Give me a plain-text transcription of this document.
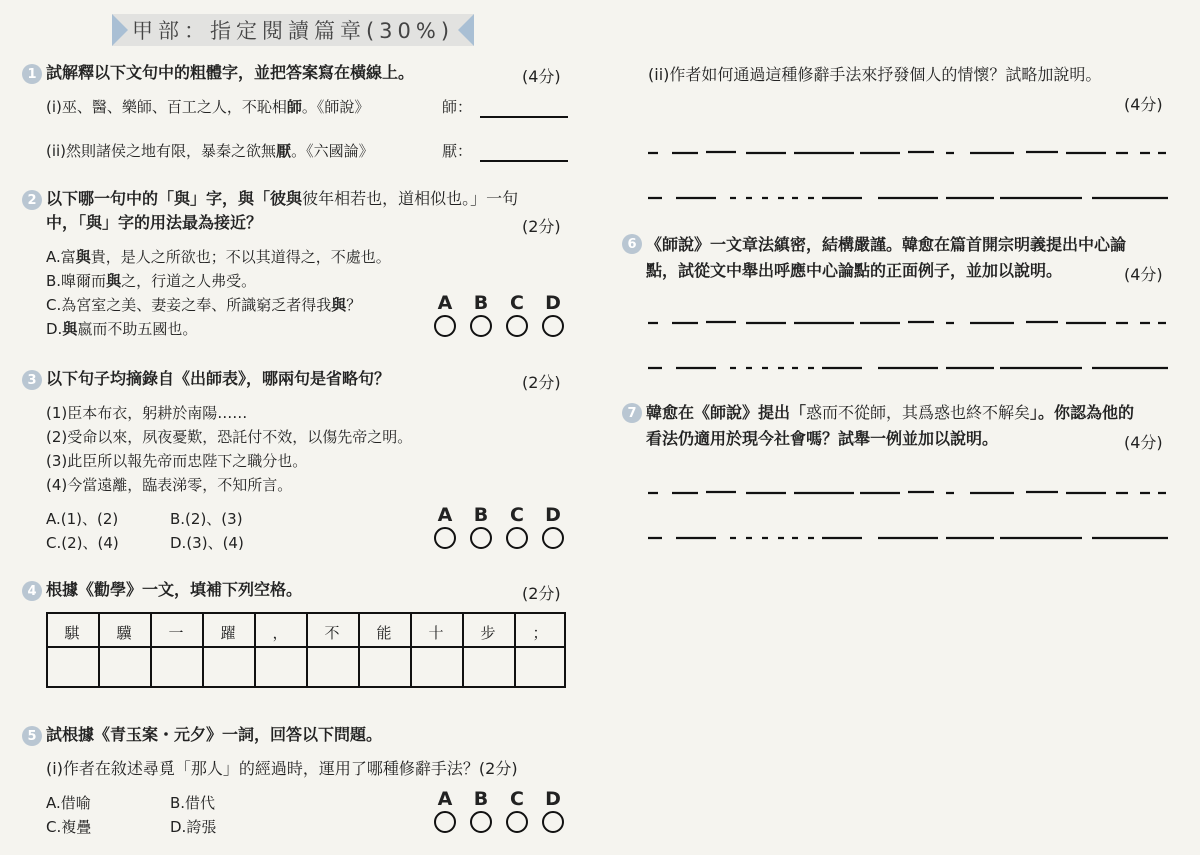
甲部：指定閱讀篇章(30%)
1 試解釋以下文句中的粗體字，並把答案寫在橫線上。	(4分)
(i)巫、醫、樂師、百工之人，不恥相師。《師說》	師：
(ii)然則諸侯之地有限，暴秦之欲無厭。《六國論》	厭：
2 以下哪一句中的「與」字，與「彼與彼年相若也，道相似也。」一句
中，「與」字的用法最為接近？	(2分)
A.富與貴，是人之所欲也；不以其道得之，不處也。
B.嘷爾而與之，行道之人弗受。
C.為宮室之美、妻妾之奉、所識窮乏者得我與？
D.與嬴而不助五國也。
A B C D
3 以下句子均摘錄自《出師表》，哪兩句是省略句？	(2分)
(1)臣本布衣，躬耕於南陽……
(2)受命以來，夙夜憂歎，恐託付不效，以傷先帝之明。
(3)此臣所以報先帝而忠陛下之職分也。
(4)今當遠離，臨表涕零，不知所言。
A.(1)、(2)	B.(2)、(3)
C.(2)、(4)	D.(3)、(4)
A B C D
4 根據《勸學》一文，填補下列空格。	(2分)
騏	驥	一	躍	，	不	能	十	步	；
5 試根據《青玉案・元夕》一詞，回答以下問題。
(i)作者在敘述尋覓「那人」的經過時，運用了哪種修辭手法？(2分)
A.借喻	B.借代
C.複疊	D.誇張
A B C D
(ii)作者如何通過這種修辭手法來抒發個人的情懷？試略加說明。
(4分)
6 《師說》一文章法縝密，結構嚴謹。韓愈在篇首開宗明義提出中心論
點，試從文中舉出呼應中心論點的正面例子，並加以說明。	(4分)
7 韓愈在《師說》提出「惑而不從師，其爲惑也終不解矣」。你認為他的
看法仍適用於現今社會嗎？試舉一例並加以說明。	(4分)
